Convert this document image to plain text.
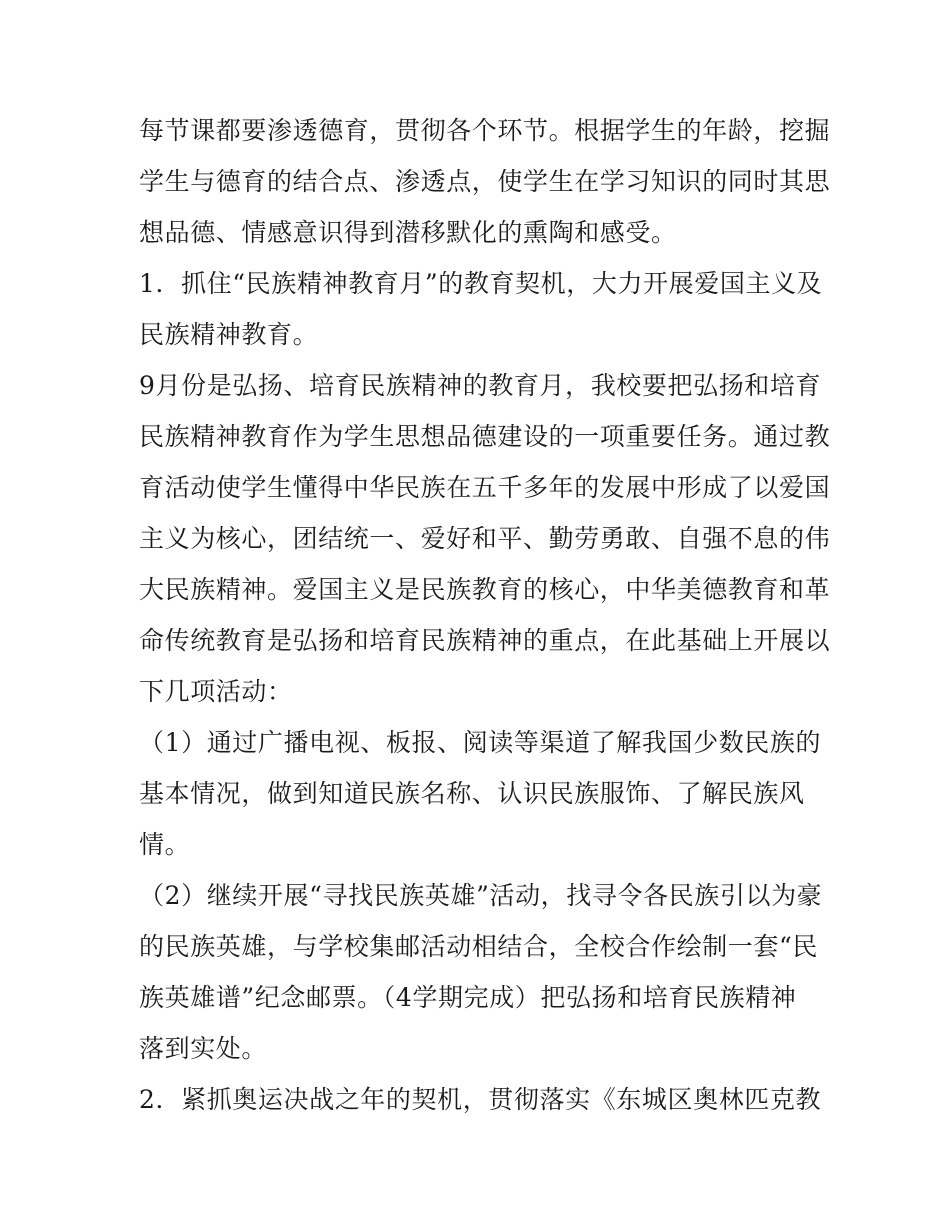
每节课都要渗透德育，贯彻各个环节。根据学生的年龄，挖掘
学生与德育的结合点、渗透点，使学生在学习知识的同时其思
想品德、情感意识得到潜移默化的熏陶和感受。
1．抓住“民族精神教育月”的教育契机，大力开展爱国主义及
民族精神教育。
9月份是弘扬、培育民族精神的教育月，我校要把弘扬和培育
民族精神教育作为学生思想品德建设的一项重要任务。通过教
育活动使学生懂得中华民族在五千多年的发展中形成了以爱国
主义为核心，团结统一、爱好和平、勤劳勇敢、自强不息的伟
大民族精神。爱国主义是民族教育的核心，中华美德教育和革
命传统教育是弘扬和培育民族精神的重点，在此基础上开展以
下几项活动：
（1）通过广播电视、板报、阅读等渠道了解我国少数民族的
基本情况，做到知道民族名称、认识民族服饰、了解民族风
情。
（2）继续开展“寻找民族英雄”活动，找寻令各民族引以为豪
的民族英雄，与学校集邮活动相结合，全校合作绘制一套“民
族英雄谱”纪念邮票。（4学期完成）把弘扬和培育民族精神
落到实处。
2．紧抓奥运决战之年的契机，贯彻落实《东城区奥林匹克教
